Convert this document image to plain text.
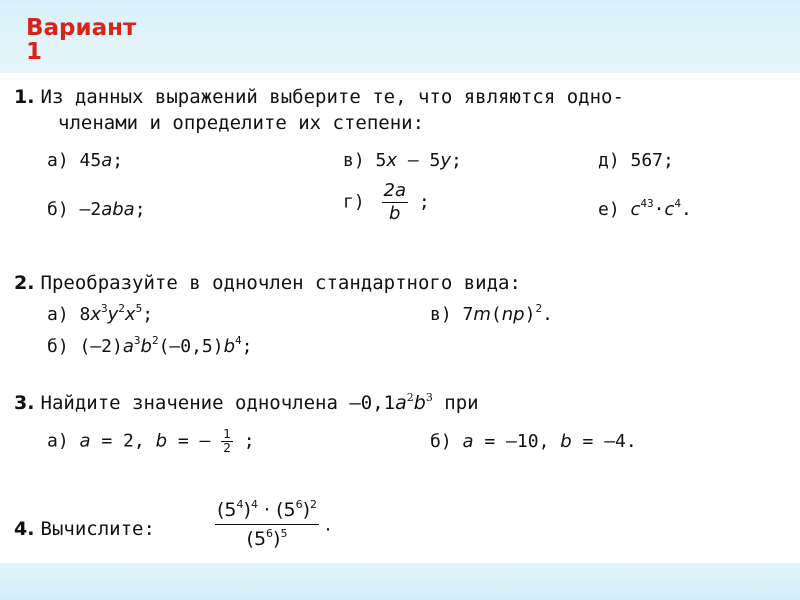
Вариант
1
1. Из данных выражений выберите те, что являются одно-
членами и определите их степени:
а) 45a;	в) 5x – 5y;	д) 567;
б) –2aba;	$г) \frac{2a}{b}$ ;	е) $c^{43}\cdot c^4$.
2. Преобразуйте в одночлен стандартного вида:
а) $8x^3y^2x^5$;	в) 7m(np)$^2$.
б) $(-2)a^3b^2(-0,5)b^4$;
3. Найдите значение одночлена $-0,1a^2b^3$ при
а) a = 2, b = – $\frac{1}{2}$ ;	б) a = –10, b = –4.
4. Вычислите:	$\frac{(5^4)^4 \cdot (5^6)^2}{(5^6)^5}$ .
